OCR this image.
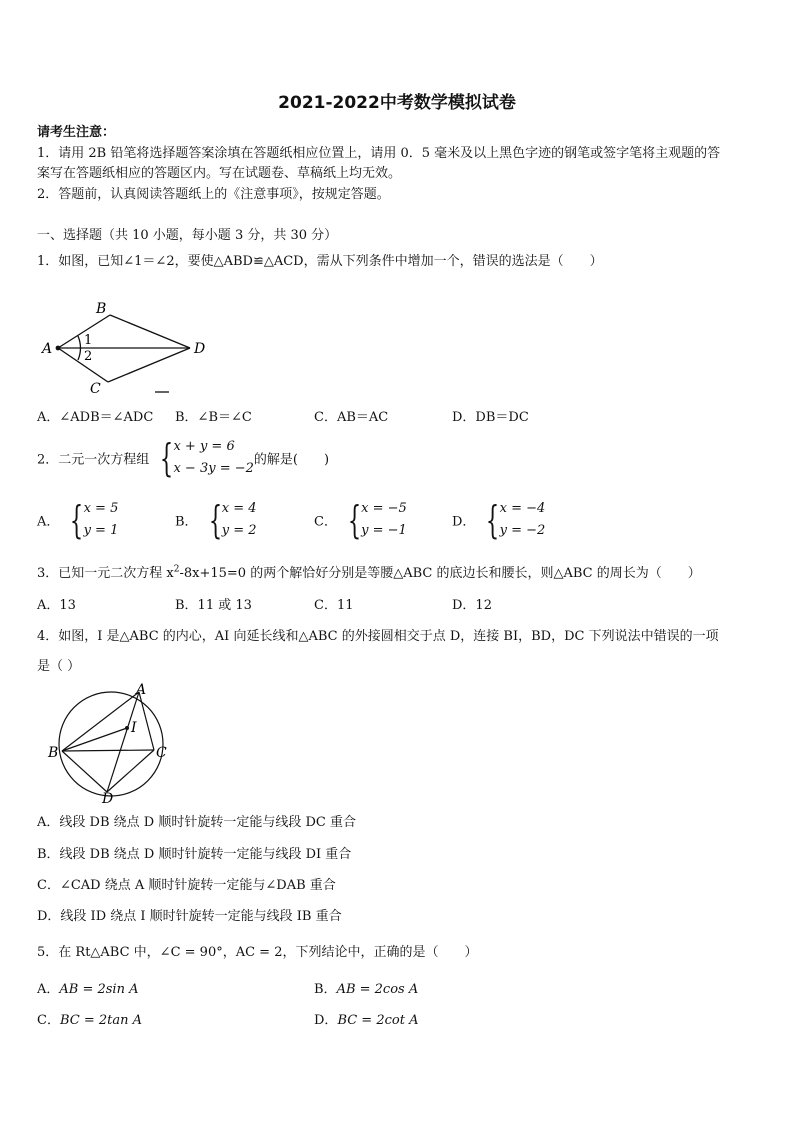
2021-2022中考数学模拟试卷
请考生注意：
1．请用 2B 铅笔将选择题答案涂填在答题纸相应位置上，请用 0．5 毫米及以上黑色字迹的钢笔或签字笔将主观题的答
案写在答题纸相应的答题区内。写在试题卷、草稿纸上均无效。
2．答题前，认真阅读答题纸上的《注意事项》，按规定答题。
一、选择题（共 10 小题，每小题 3 分，共 30 分）
1．如图，已知∠1＝∠2，要使△ABD≌△ACD，需从下列条件中增加一个，错误的选法是（　　）
A
B
C
D
1
2
A．∠ADB＝∠ADC B．∠B＝∠C	C．AB＝AC	D．DB＝DC
2．二元一次方程组 {x + y = 6
x − 3y = −2的解是(　　)
A． {x = 5
y = 1
B． {x = 4
y = 2
C． {x = −5
y = −1
D． {x = −4
y = −2
3．已知一元二次方程 $x^2-8x+15=0$ 的两个解恰好分别是等腰△ABC 的底边长和腰长，则△ABC 的周长为（　　）
A．13	B．11 或 13	C．11	D．12
4．如图，I 是△ABC 的内心，AI 向延长线和△ABC 的外接圆相交于点 D，连接 BI，BD，DC 下列说法中错误的一项
是（ ）
A
B	C
D
I
A．线段 DB 绕点 D 顺时针旋转一定能与线段 DC 重合
B．线段 DB 绕点 D 顺时针旋转一定能与线段 DI 重合
C．∠CAD 绕点 A 顺时针旋转一定能与∠DAB 重合
D．线段 ID 绕点 I 顺时针旋转一定能与线段 IB 重合
5．在 Rt△ABC 中，∠C = 90°，AC = 2，下列结论中，正确的是（　　）
A．AB = 2sin A	B．AB = 2cos A
C．BC = 2tan A	D．BC = 2cot A
